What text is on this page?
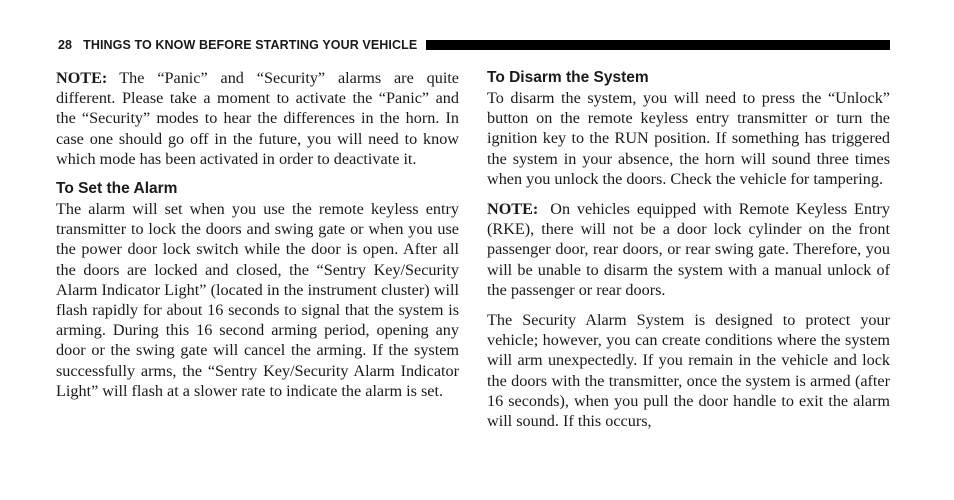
28 THINGS TO KNOW BEFORE STARTING YOUR VEHICLE

NOTE: The “Panic” and “Security” alarms are quite different. Please take a moment to activate the “Panic” and the “Security” modes to hear the differences in the horn. In case one should go off in the future, you will need to know which mode has been activated in order to deactivate it.

To Set the Alarm

The alarm will set when you use the remote keyless entry transmitter to lock the doors and swing gate or when you use the power door lock switch while the door is open. After all the doors are locked and closed, the “Sentry Key/Security Alarm Indicator Light” (located in the instrument cluster) will flash rapidly for about 16 seconds to signal that the system is arming. During this 16 second arming period, opening any door or the swing gate will cancel the arming. If the system successfully arms, the “Sentry Key/Security Alarm Indicator Light” will flash at a slower rate to indicate the alarm is set.

To Disarm the System

To disarm the system, you will need to press the “Unlock” button on the remote keyless entry transmitter or turn the ignition key to the RUN position. If something has triggered the system in your absence, the horn will sound three times when you unlock the doors. Check the vehicle for tampering.

NOTE: On vehicles equipped with Remote Keyless Entry (RKE), there will not be a door lock cylinder on the front passenger door, rear doors, or rear swing gate. Therefore, you will be unable to disarm the system with a manual unlock of the passenger or rear doors.

The Security Alarm System is designed to protect your vehicle; however, you can create conditions where the system will arm unexpectedly. If you remain in the vehicle and lock the doors with the transmitter, once the system is armed (after 16 seconds), when you pull the door handle to exit the alarm will sound. If this occurs,
